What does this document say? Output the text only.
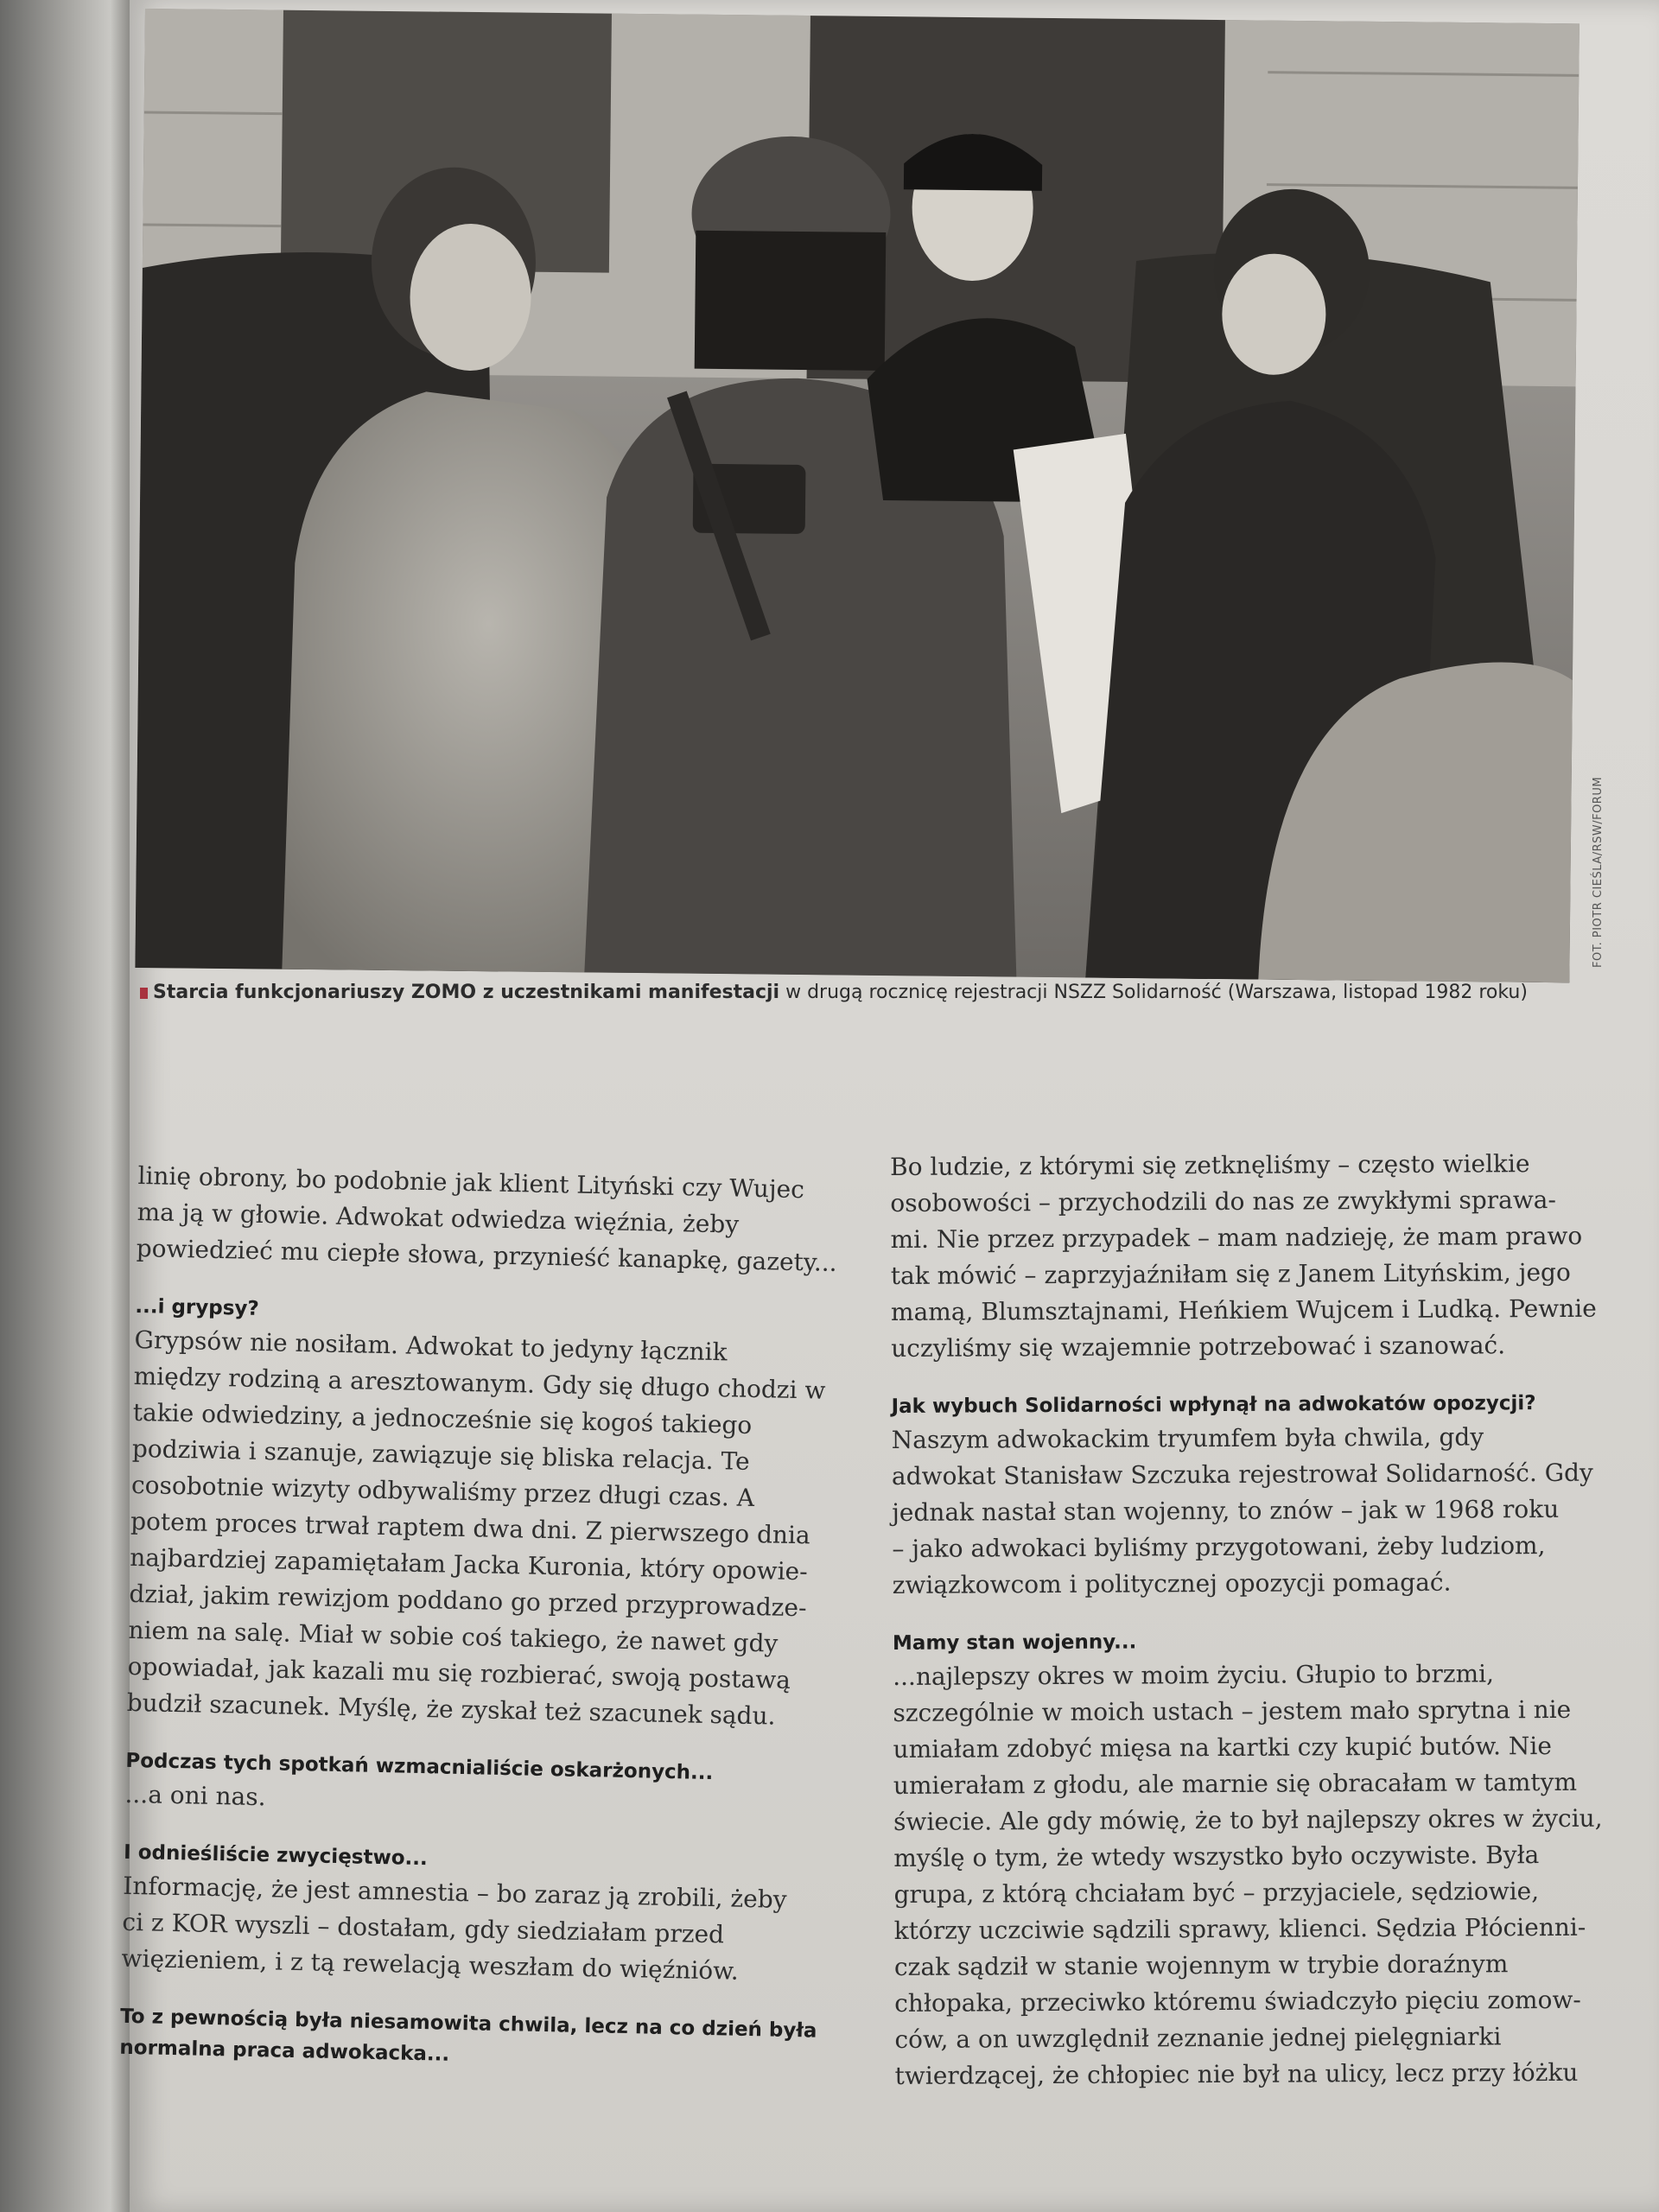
FOT. PIOTR CIEŚLA/RSW/FORUM
Starcia funkcjonariuszy ZOMO z uczestnikami manifestacji w drugą rocznicę rejestracji NSZZ Solidarność (Warszawa, listopad 1982 roku)
linię obrony, bo podobnie jak klient Lityński czy Wujec
ma ją w głowie. Adwokat odwiedza więźnia, żeby
powiedzieć mu ciepłe słowa, przynieść kanapkę, gazety...
...i grypsy?
Grypsów nie nosiłam. Adwokat to jedyny łącznik
między rodziną a aresztowanym. Gdy się długo chodzi w
takie odwiedziny, a jednocześnie się kogoś takiego
podziwia i szanuje, zawiązuje się bliska relacja. Te
cosobotnie wizyty odbywaliśmy przez długi czas. A
potem proces trwał raptem dwa dni. Z pierwszego dnia
najbardziej zapamiętałam Jacka Kuronia, który opowie-
dział, jakim rewizjom poddano go przed przyprowadze-
niem na salę. Miał w sobie coś takiego, że nawet gdy
opowiadał, jak kazali mu się rozbierać, swoją postawą
budził szacunek. Myślę, że zyskał też szacunek sądu.
Podczas tych spotkań wzmacnialiście oskarżonych...
...a oni nas.
I odnieśliście zwycięstwo...
Informację, że jest amnestia – bo zaraz ją zrobili, żeby
ci z KOR wyszli – dostałam, gdy siedziałam przed
więzieniem, i z tą rewelacją weszłam do więźniów.
To z pewnością była niesamowita chwila, lecz na co dzień była
normalna praca adwokacka...
Bo ludzie, z którymi się zetknęliśmy – często wielkie
osobowości – przychodzili do nas ze zwykłymi sprawa-
mi. Nie przez przypadek – mam nadzieję, że mam prawo
tak mówić – zaprzyjaźniłam się z Janem Lityńskim, jego
mamą, Blumsztajnami, Heńkiem Wujcem i Ludką. Pewnie
uczyliśmy się wzajemnie potrzebować i szanować.
Jak wybuch Solidarności wpłynął na adwokatów opozycji?
Naszym adwokackim tryumfem była chwila, gdy
adwokat Stanisław Szczuka rejestrował Solidarność. Gdy
jednak nastał stan wojenny, to znów – jak w 1968 roku
– jako adwokaci byliśmy przygotowani, żeby ludziom,
związkowcom i politycznej opozycji pomagać.
Mamy stan wojenny...
...najlepszy okres w moim życiu. Głupio to brzmi,
szczególnie w moich ustach – jestem mało sprytna i nie
umiałam zdobyć mięsa na kartki czy kupić butów. Nie
umierałam z głodu, ale marnie się obracałam w tamtym
świecie. Ale gdy mówię, że to był najlepszy okres w życiu,
myślę o tym, że wtedy wszystko było oczywiste. Była
grupa, z którą chciałam być – przyjaciele, sędziowie,
którzy uczciwie sądzili sprawy, klienci. Sędzia Płócienni-
czak sądził w stanie wojennym w trybie doraźnym
chłopaka, przeciwko któremu świadczyło pięciu zomow-
ców, a on uwzględnił zeznanie jednej pielęgniarki
twierdzącej, że chłopiec nie był na ulicy, lecz przy łóżku
